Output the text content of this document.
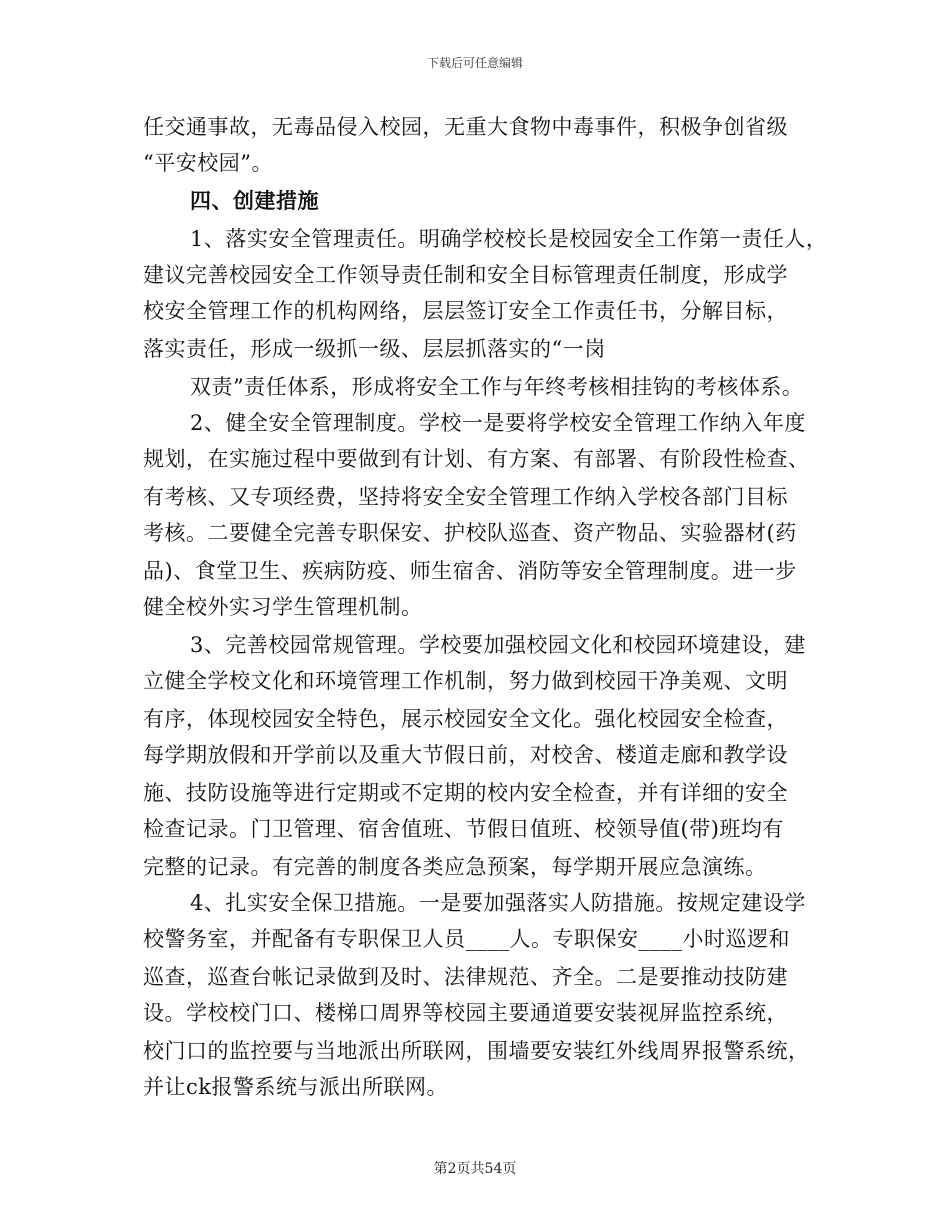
下载后可任意编辑
任交通事故，无毒品侵入校园，无重大食物中毒事件，积极争创省级
“平安校园”。
四、创建措施
1、落实安全管理责任。明确学校校长是校园安全工作第一责任人，
建议完善校园安全工作领导责任制和安全目标管理责任制度，形成学
校安全管理工作的机构网络，层层签订安全工作责任书，分解目标，
落实责任，形成一级抓一级、层层抓落实的“一岗
双责”责任体系，形成将安全工作与年终考核相挂钩的考核体系。
2、健全安全管理制度。学校一是要将学校安全管理工作纳入年度
规划，在实施过程中要做到有计划、有方案、有部署、有阶段性检查、
有考核、又专项经费，坚持将安全安全管理工作纳入学校各部门目标
考核。二要健全完善专职保安、护校队巡查、资产物品、实验器材(药
品)、食堂卫生、疾病防疫、师生宿舍、消防等安全管理制度。进一步
健全校外实习学生管理机制。
3、完善校园常规管理。学校要加强校园文化和校园环境建设，建
立健全学校文化和环境管理工作机制，努力做到校园干净美观、文明
有序，体现校园安全特色，展示校园安全文化。强化校园安全检查，
每学期放假和开学前以及重大节假日前，对校舍、楼道走廊和教学设
施、技防设施等进行定期或不定期的校内安全检查，并有详细的安全
检查记录。门卫管理、宿舍值班、节假日值班、校领导值(带)班均有
完整的记录。有完善的制度各类应急预案，每学期开展应急演练。
4、扎实安全保卫措施。一是要加强落实人防措施。按规定建设学
校警务室，并配备有专职保卫人员____人。专职保安____小时巡逻和
巡查，巡查台帐记录做到及时、法律规范、齐全。二是要推动技防建
设。学校校门口、楼梯口周界等校园主要通道要安装视屏监控系统，
校门口的监控要与当地派出所联网，围墙要安装红外线周界报警系统，
并让ck报警系统与派出所联网。
第2页共54页
